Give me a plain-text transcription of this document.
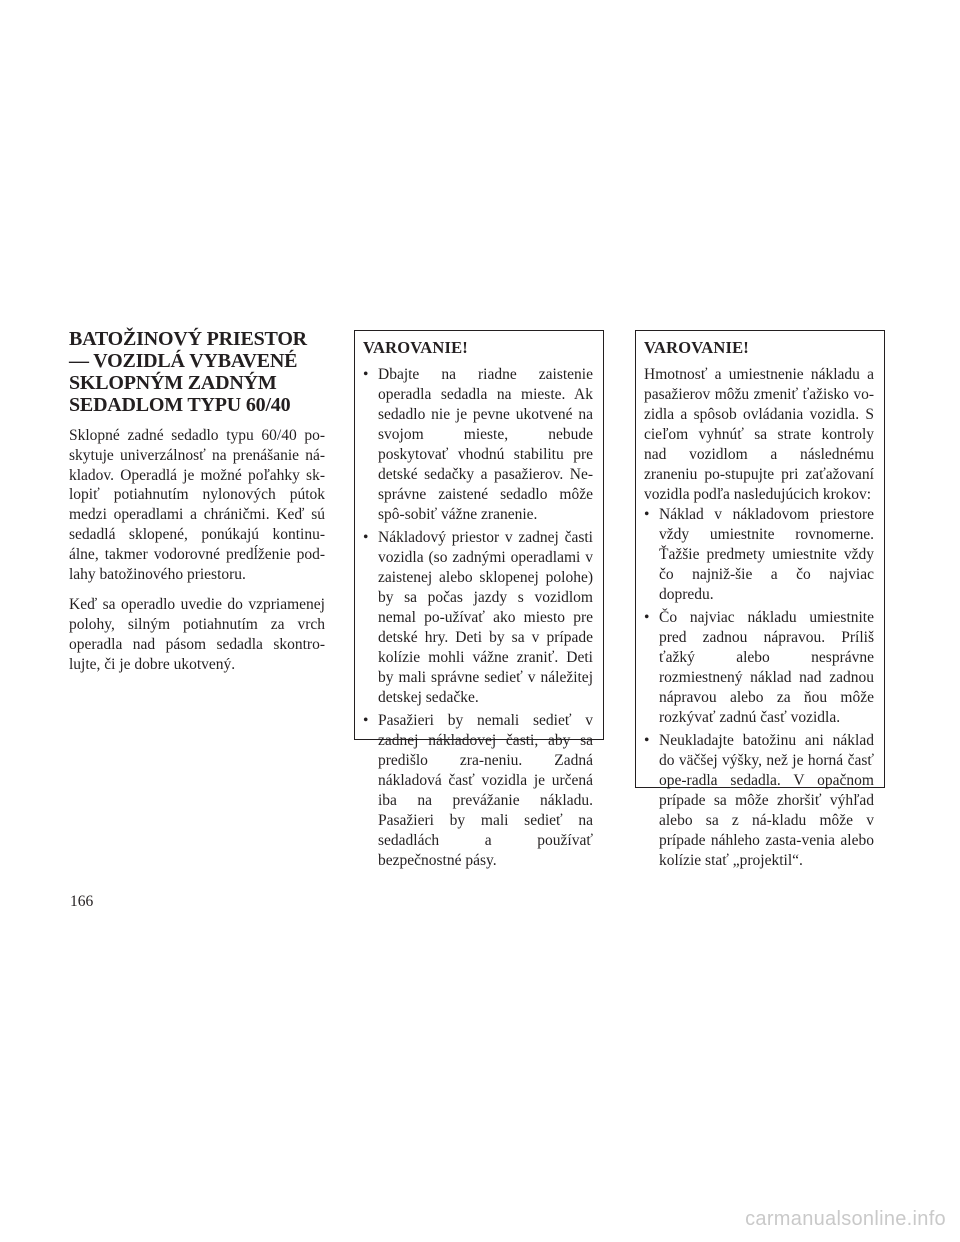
BATOŽINOVÝ PRIESTOR
— VOZIDLÁ VYBAVENÉ
SKLOPNÝM ZADNÝM
SEDADLOM TYPU 60/40

Sklopné zadné sedadlo typu 60/40 po-skytuje univerzálnosť na prenášanie ná-kladov. Operadlá je možné poľahky sk-lopiť potiahnutím nylonových pútok medzi operadlami a chráničmi. Keď sú sedadlá sklopené, ponúkajú kontinu-álne, takmer vodorovné predĺženie pod-lahy batožinového priestoru.

Keď sa operadlo uvedie do vzpriamenej polohy, silným potiahnutím za vrch operadla nad pásom sedadla skontro-lujte, či je dobre ukotvený.

VAROVANIE!
• Dbajte na riadne zaistenie operadla sedadla na mieste. Ak sedadlo nie je pevne ukotvené na svojom mieste, nebude poskytovať vhodnú stabilitu pre detské sedačky a pasažierov. Ne-správne zaistené sedadlo môže spô-sobiť vážne zranenie.
• Nákladový priestor v zadnej časti vozidla (so zadnými operadlami v zaistenej alebo sklopenej polohe) by sa počas jazdy s vozidlom nemal po-užívať ako miesto pre detské hry. Deti by sa v prípade kolízie mohli vážne zraniť. Deti by mali správne sedieť v náležitej detskej sedačke.
• Pasažieri by nemali sedieť v zadnej nákladovej časti, aby sa predišlo zra-neniu. Zadná nákladová časť vozidla je určená iba na prevážanie nákladu. Pasažieri by mali sedieť na sedadlách a používať bezpečnostné pásy.
VAROVANIE!

Hmotnosť a umiestnenie nákladu a pasažierov môžu zmeniť ťažisko vo-zidla a spôsob ovládania vozidla. S cieľom vyhnúť sa strate kontroly nad vozidlom a následnému zraneniu po-stupujte pri zaťažovaní vozidla podľa nasledujúcich krokov:

• Náklad v nákladovom priestore vždy umiestnite rovnomerne. Ťažšie predmety umiestnite vždy čo najniž-šie a čo najviac dopredu.
• Čo najviac nákladu umiestnite pred zadnou nápravou. Príliš ťažký alebo nesprávne rozmiestnený náklad nad zadnou nápravou alebo za ňou môže rozkývať zadnú časť vozidla.
• Neukladajte batožinu ani náklad do väčšej výšky, než je horná časť ope-radla sedadla. V opačnom prípade sa môže zhoršiť výhľad alebo sa z ná-kladu môže v prípade náhleho zasta-venia alebo kolízie stať „projektil“.
166
carmanualsonline.info
